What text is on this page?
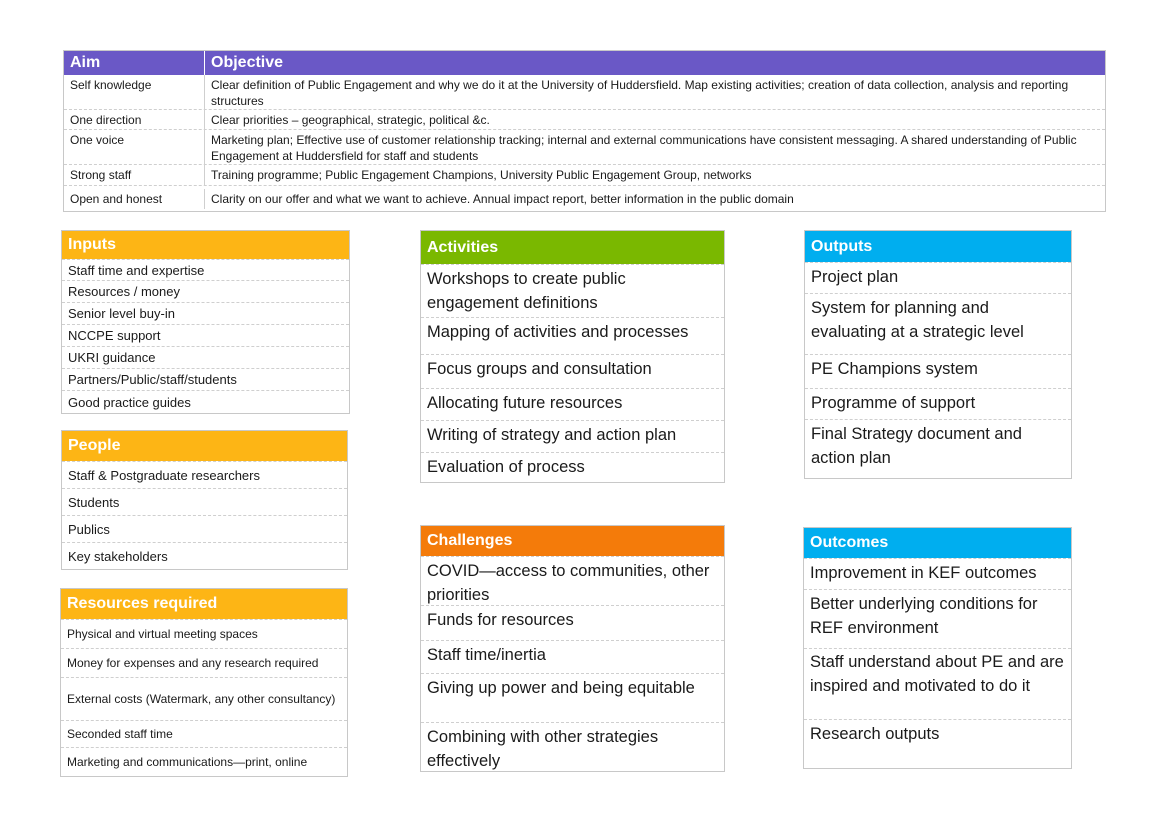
Aim	Objective
Self knowledge	Clear definition of Public Engagement and why we do it at the University of Huddersfield. Map existing activities; creation of data collection, analysis and reporting structures
One direction	Clear priorities – geographical, strategic, political &c.
One voice	Marketing plan; Effective use of customer relationship tracking; internal and external communications have consistent messaging. A shared understanding of Public Engagement at Huddersfield for staff and students
Strong staff	Training programme; Public Engagement Champions, University Public Engagement Group, networks
Open and honest	Clarity on our offer and what we want to achieve. Annual impact report, better information in the public domain
Inputs
Staff time and expertise
Resources / money
Senior level buy-in
NCCPE support
UKRI guidance
Partners/Public/staff/students
Good practice guides
People
Staff & Postgraduate researchers
Students
Publics
Key stakeholders
Resources required
Physical and virtual meeting spaces
Money for expenses and any research required
External costs (Watermark, any other consultancy)
Seconded staff time
Marketing and communications—print, online
Activities
Workshops to create public engagement definitions
Mapping of activities and processes
Focus groups and consultation
Allocating future resources
Writing of strategy and action plan
Evaluation of process
Challenges
COVID—access to communities, other priorities
Funds for resources
Staff time/inertia
Giving up power and being equitable
Combining with other strategies effectively
Outputs
Project plan
System for planning and evaluating at a strategic level
PE Champions system
Programme of support
Final Strategy document and action plan
Outcomes
Improvement in KEF outcomes
Better underlying conditions for REF environment
Staff understand about PE and are inspired and motivated to do it
Research outputs
